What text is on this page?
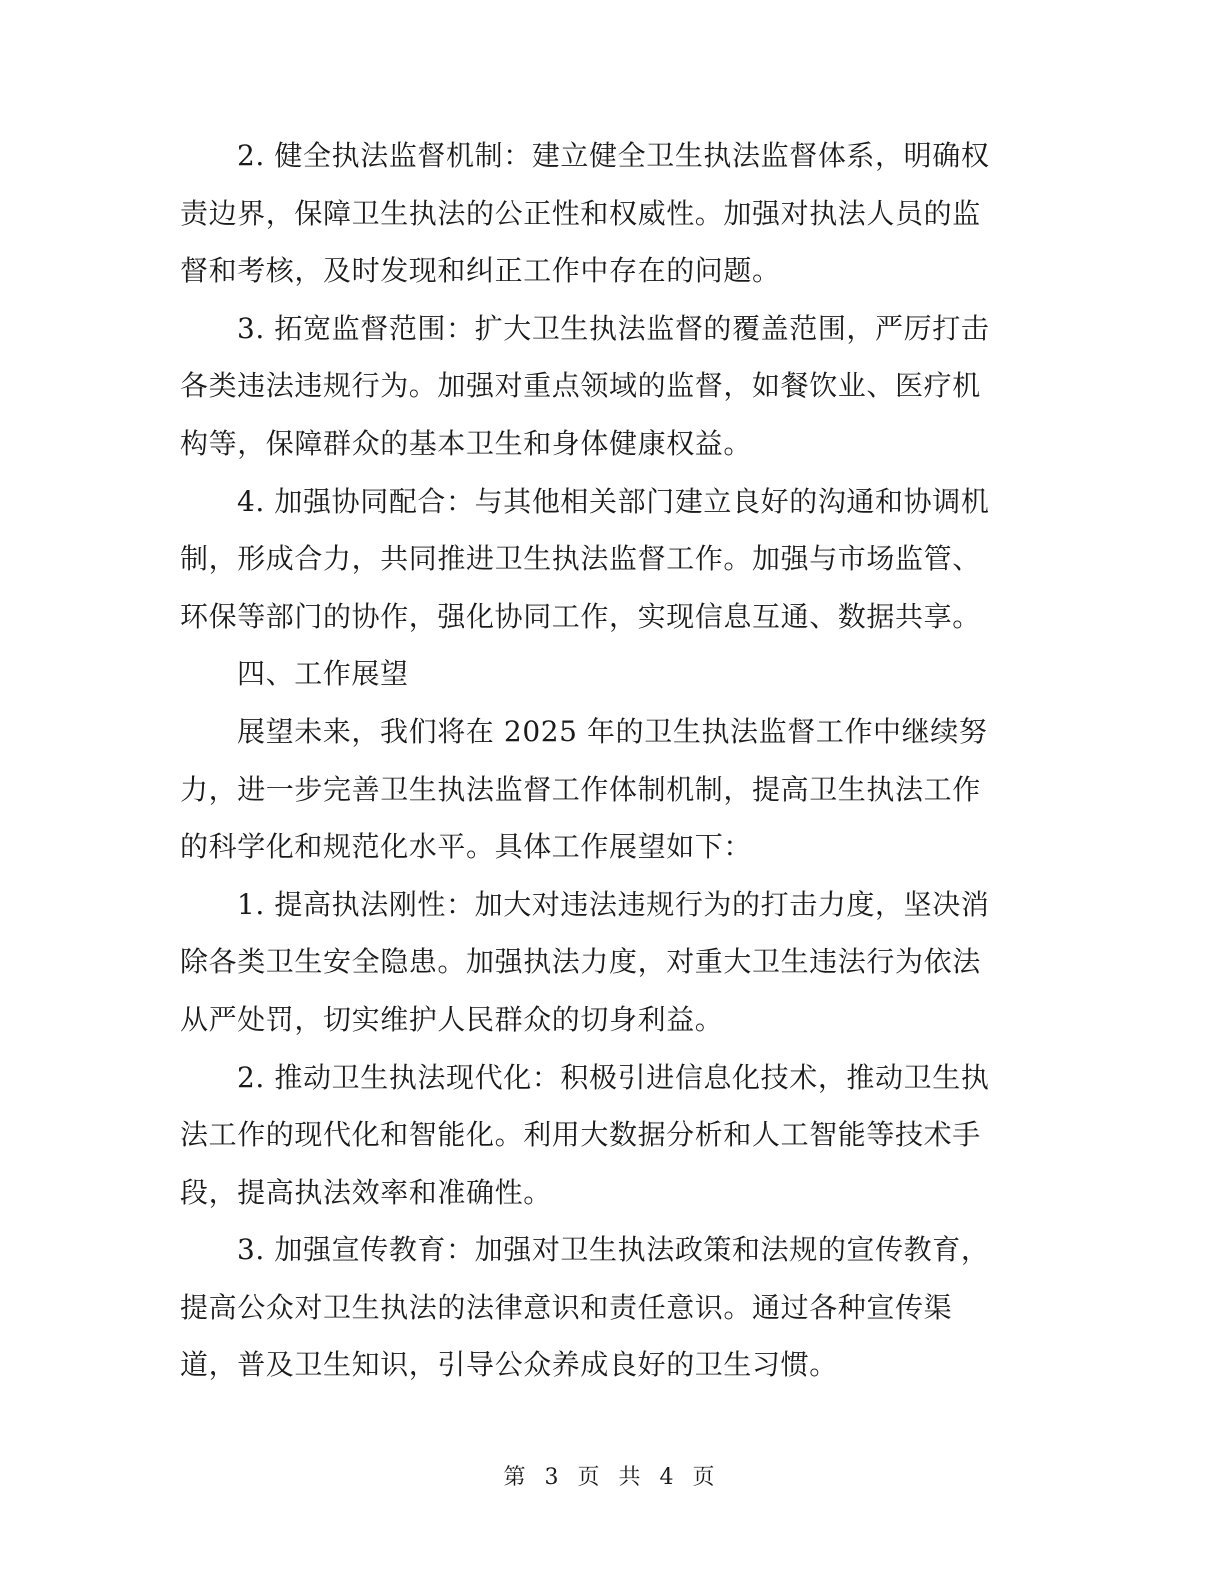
2. 健全执法监督机制：建立健全卫生执法监督体系，明确权
责边界，保障卫生执法的公正性和权威性。加强对执法人员的监
督和考核，及时发现和纠正工作中存在的问题。
3. 拓宽监督范围：扩大卫生执法监督的覆盖范围，严厉打击
各类违法违规行为。加强对重点领域的监督，如餐饮业、医疗机
构等，保障群众的基本卫生和身体健康权益。
4. 加强协同配合：与其他相关部门建立良好的沟通和协调机
制，形成合力，共同推进卫生执法监督工作。加强与市场监管、
环保等部门的协作，强化协同工作，实现信息互通、数据共享。
四、工作展望
展望未来，我们将在 2025 年的卫生执法监督工作中继续努
力，进一步完善卫生执法监督工作体制机制，提高卫生执法工作
的科学化和规范化水平。具体工作展望如下：
1. 提高执法刚性：加大对违法违规行为的打击力度，坚决消
除各类卫生安全隐患。加强执法力度，对重大卫生违法行为依法
从严处罚，切实维护人民群众的切身利益。
2. 推动卫生执法现代化：积极引进信息化技术，推动卫生执
法工作的现代化和智能化。利用大数据分析和人工智能等技术手
段，提高执法效率和准确性。
3. 加强宣传教育：加强对卫生执法政策和法规的宣传教育，
提高公众对卫生执法的法律意识和责任意识。通过各种宣传渠
道，普及卫生知识，引导公众养成良好的卫生习惯。
第 3 页 共 4 页
